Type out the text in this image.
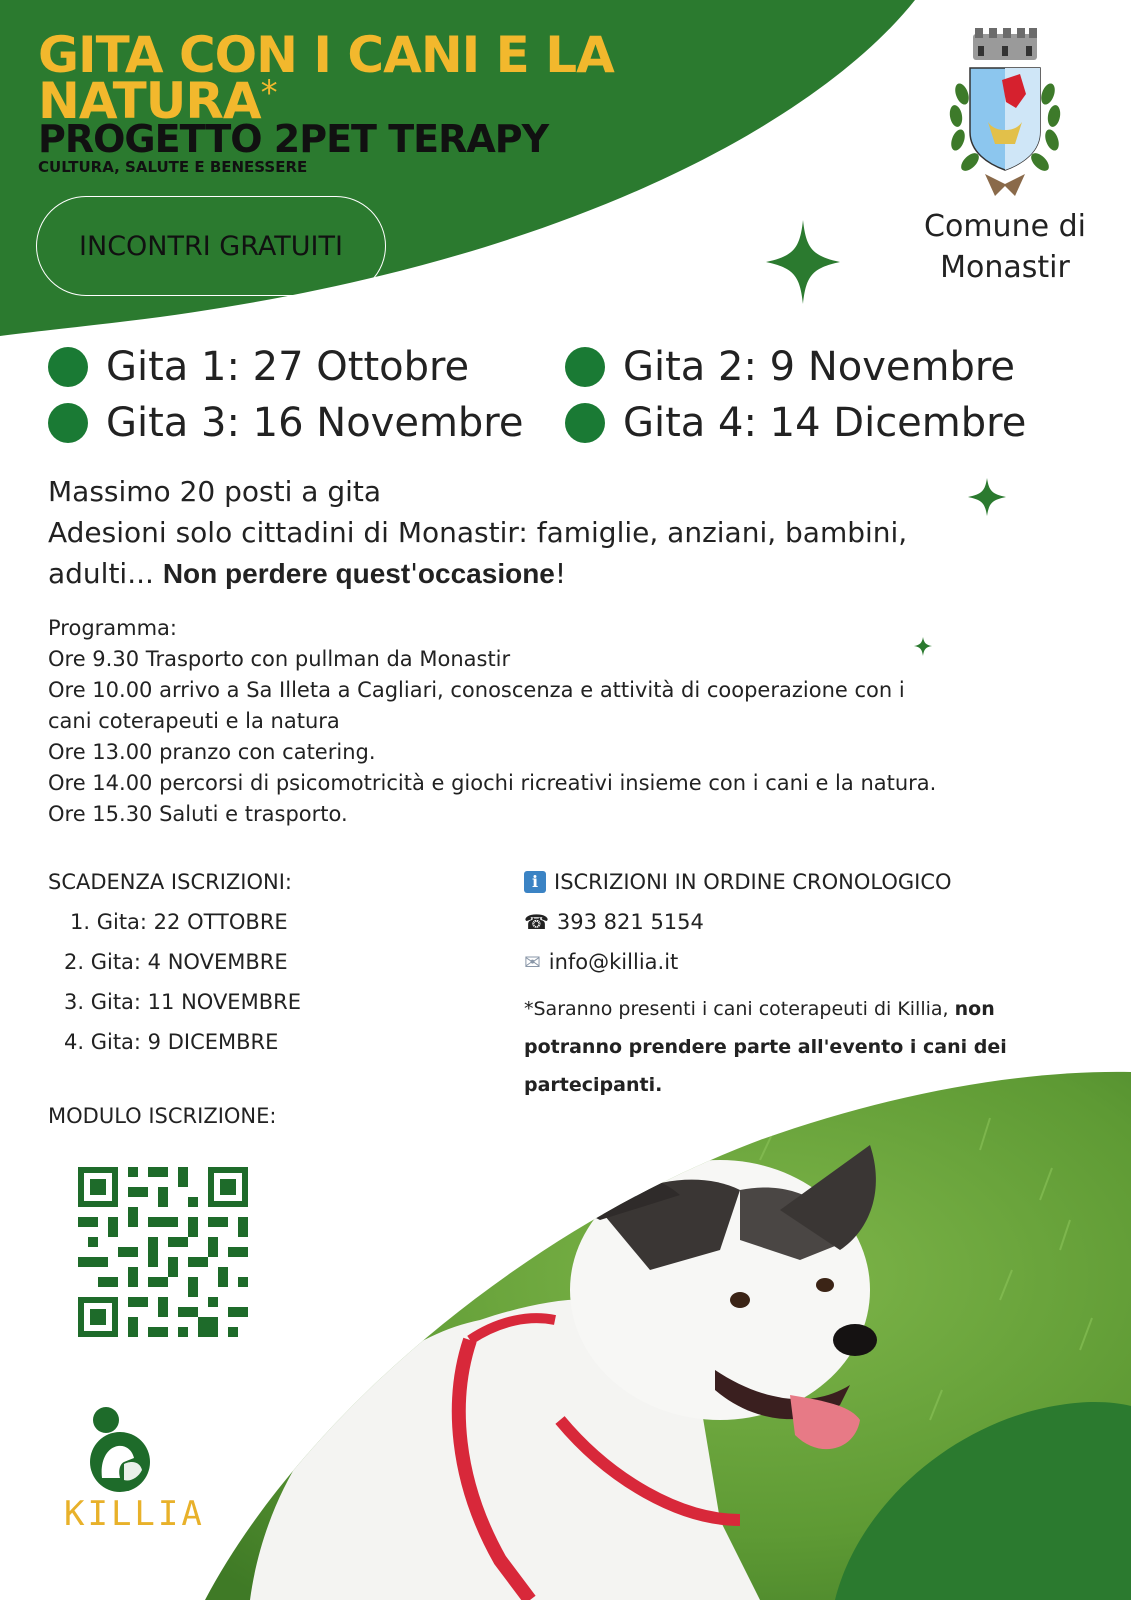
GITA CON I CANI E LA
NATURA*
PROGETTO 2PET TERAPY
CULTURA, SALUTE E BENESSERE
INCONTRI GRATUITI
Comune di
Monastir
Gita 1: 27 Ottobre	Gita 2: 9 Novembre
Gita 3: 16 Novembre Gita 4: 14 Dicembre
Massimo 20 posti a gita
Adesioni solo cittadini di Monastir: famiglie, anziani, bambini,
adulti... Non perdere quest'occasione!
Programma:
Ore 9.30 Trasporto con pullman da Monastir
Ore 10.00 arrivo a Sa Illeta a Cagliari, conoscenza e attività di cooperazione con i
cani coterapeuti e la natura
Ore 13.00 pranzo con catering.
Ore 14.00 percorsi di psicomotricità e giochi ricreativi insieme con i cani e la natura.
Ore 15.30 Saluti e trasporto.
SCADENZA ISCRIZIONI:
1. Gita: 22 OTTOBRE
2. Gita: 4 NOVEMBRE
3. Gita: 11 NOVEMBRE
4. Gita: 9 DICEMBRE
i ISCRIZIONI IN ORDINE CRONOLOGICO
☎ 393 821 5154
✉ info@killia.it
*Saranno presenti i cani coterapeuti di Killia, non potranno prendere parte all'evento i cani dei partecipanti.
MODULO ISCRIZIONE:
KILLIA
